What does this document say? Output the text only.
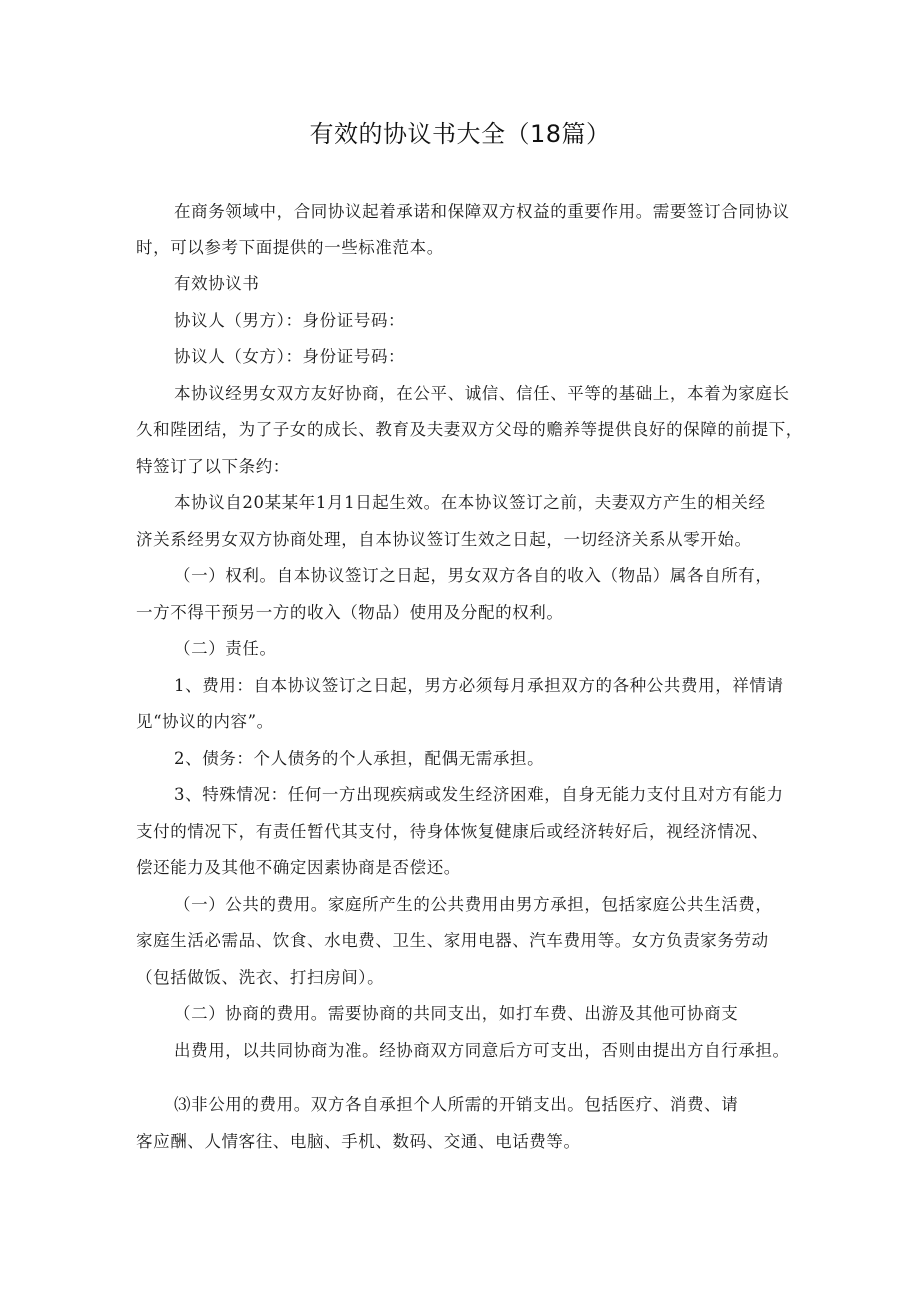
有效的协议书大全（18篇）
在商务领域中，合同协议起着承诺和保障双方权益的重要作用。需要签订合同协议
时，可以参考下面提供的一些标准范本。
有效协议书
协议人（男方）：身份证号码：
协议人（女方）：身份证号码：
本协议经男女双方友好协商，在公平、诚信、信任、平等的基础上，本着为家庭长
久和陛团结，为了子女的成长、教育及夫妻双方父母的赡养等提供良好的保障的前提下，
特签订了以下条约：
本协议自20某某年1月1日起生效。在本协议签订之前，夫妻双方产生的相关经
济关系经男女双方协商处理，自本协议签订生效之日起，一切经济关系从零开始。
（一）权利。自本协议签订之日起，男女双方各自的收入（物品）属各自所有，
一方不得干预另一方的收入（物品）使用及分配的权利。
（二）责任。
1、费用：自本协议签订之日起，男方必须每月承担双方的各种公共费用，祥情请
见“协议的内容”。
2、债务：个人债务的个人承担，配偶无需承担。
3、特殊情况：任何一方出现疾病或发生经济困难，自身无能力支付且对方有能力
支付的情况下，有责任暂代其支付，待身体恢复健康后或经济转好后，视经济情况、
偿还能力及其他不确定因素协商是否偿还。
（一）公共的费用。家庭所产生的公共费用由男方承担，包括家庭公共生活费，
家庭生活必需品、饮食、水电费、卫生、家用电器、汽车费用等。女方负责家务劳动
（包括做饭、洗衣、打扫房间）。
（二）协商的费用。需要协商的共同支出，如打车费、出游及其他可协商支
出费用，以共同协商为准。经协商双方同意后方可支出，否则由提出方自行承担。
⑶非公用的费用。双方各自承担个人所需的开销支出。包括医疗、消费、请
客应酬、人情客往、电脑、手机、数码、交通、电话费等。
